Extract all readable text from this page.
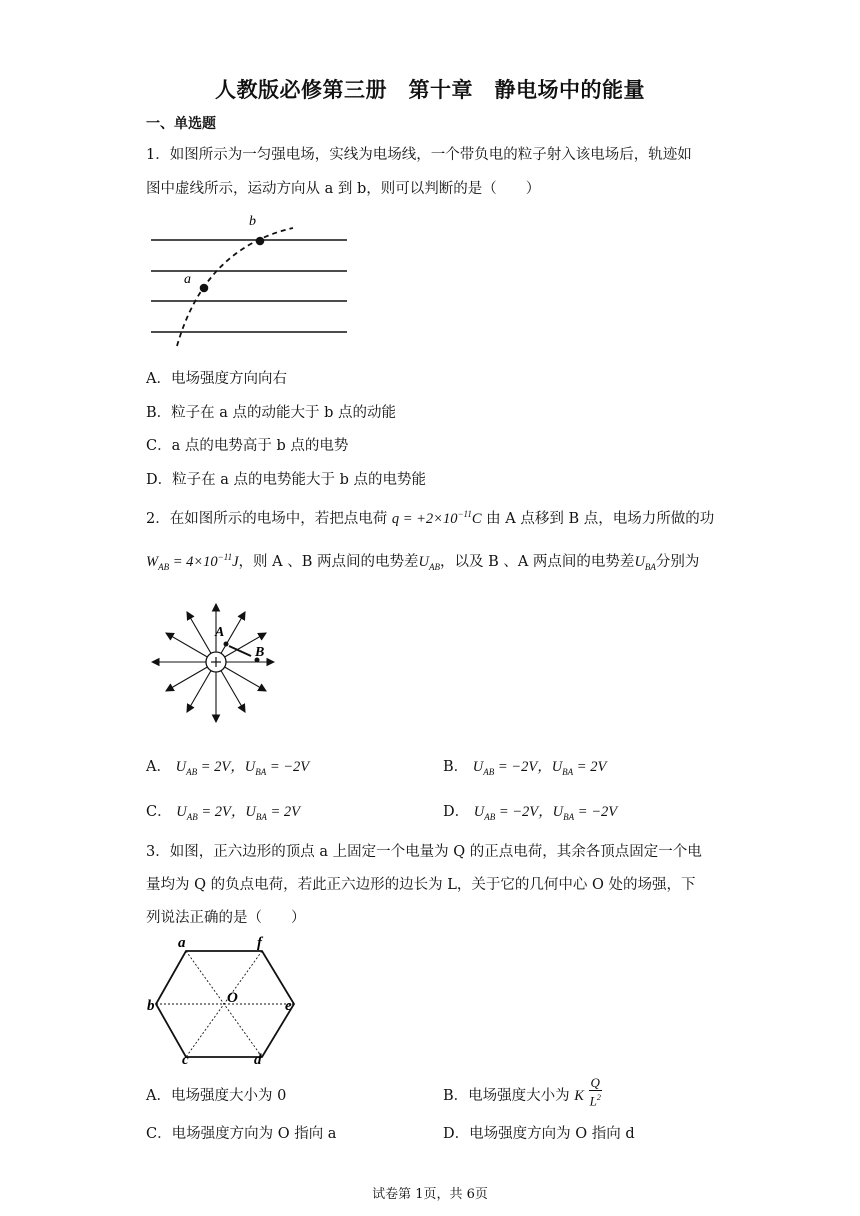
人教版必修第三册　第十章　静电场中的能量
一、单选题
1．如图所示为一匀强电场，实线为电场线，一个带负电的粒子射入该电场后，轨迹如
图中虚线所示，运动方向从 a 到 b，则可以判断的是（　　）
a
b
A．电场强度方向向右
B．粒子在 a 点的动能大于 b 点的动能
C．a 点的电势高于 b 点的电势
D．粒子在 a 点的电势能大于 b 点的电势能
2．在如图所示的电场中，若把点电荷 $q = +2\times 10^{-11}C$ 由 A 点移到 B 点，电场力所做的功
$W_{AB} = 4\times 10^{-11}J$，则 A 、B 两点间的电势差$U_{AB}$，以及 B 、A 两点间的电势差$U_{BA}$分别为
A
B
A． $U_{AB} = 2V$，$U_{BA} = -2V$	B． $U_{AB} = -2V$，$U_{BA} = 2V$
C． $U_{AB} = 2V$，$U_{BA} = 2V$	D． $U_{AB} = -2V$，$U_{BA} = -2V$
3．如图，正六边形的顶点 a 上固定一个电量为 Q 的正点电荷，其余各顶点固定一个电
量均为 Q 的负点电荷，若此正六边形的边长为 L，关于它的几何中心 O 处的场强，下
列说法正确的是（　　）
a	f
e
d
c
b	O
A．电场强度大小为 0	B．电场强度大小为 K $\frac{Q}{L^2}$
C．电场强度方向为 O 指向 a	D．电场强度方向为 O 指向 d
试卷第 1页，共 6页
